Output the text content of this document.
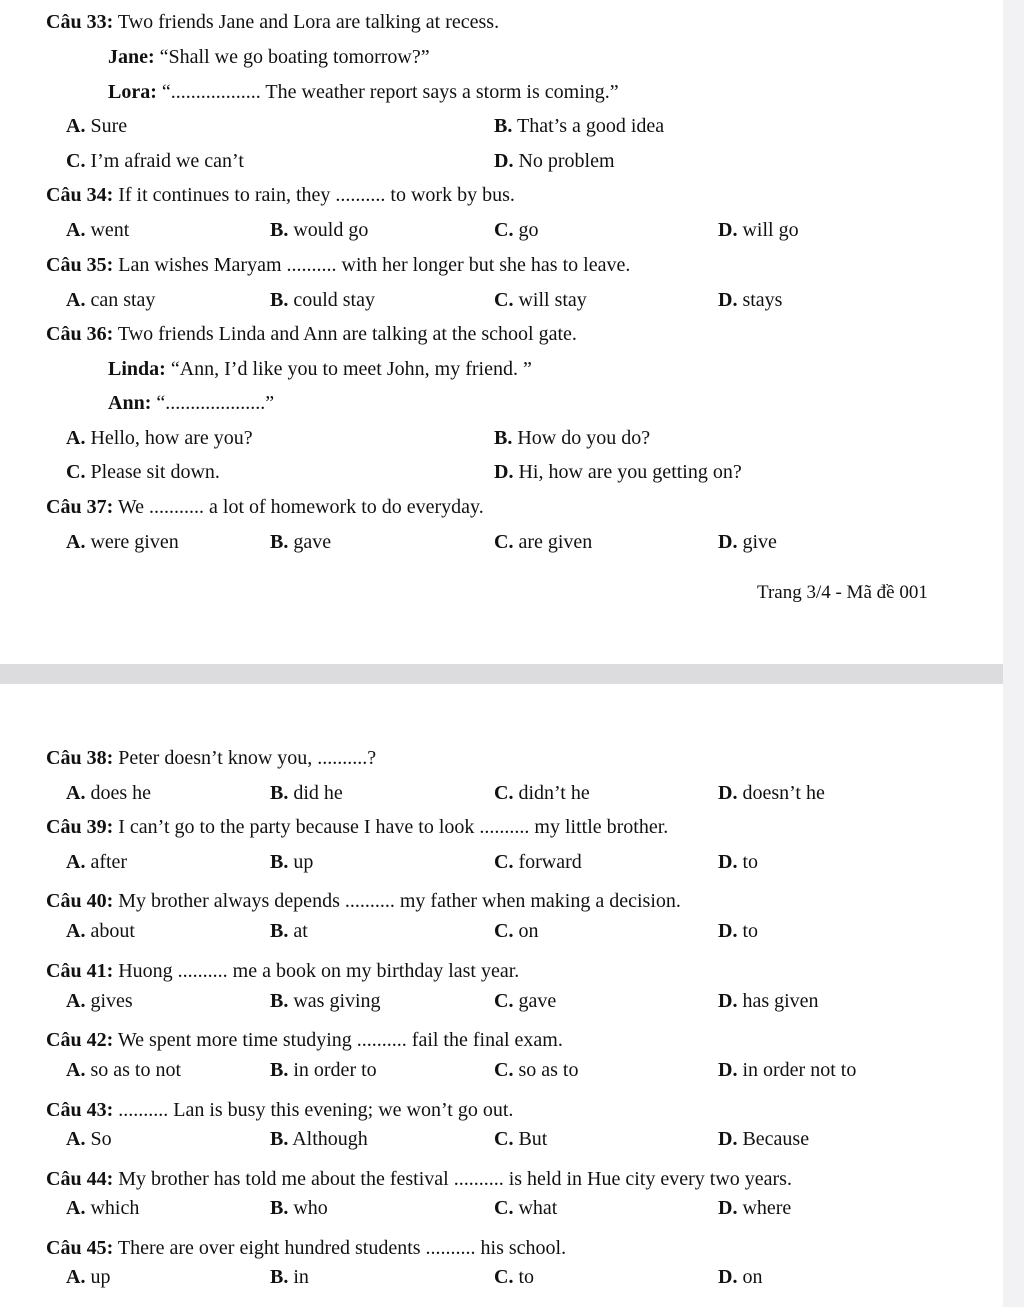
Câu 33: Two friends Jane and Lora are talking at recess.
Jane: “Shall we go boating tomorrow?”
Lora: “.................. The weather report says a storm is coming.”
A. Sure	B. That’s a good idea
C. I’m afraid we can’t	D. No problem
Câu 34: If it continues to rain, they .......... to work by bus.
A. went	B. would go	C. go	D. will go
Câu 35: Lan wishes Maryam .......... with her longer but she has to leave.
A. can stay	B. could stay	C. will stay	D. stays
Câu 36: Two friends Linda and Ann are talking at the school gate.
Linda: “Ann, I’d like you to meet John, my friend. ”
Ann: “....................”
A. Hello, how are you?	B. How do you do?
C. Please sit down.	D. Hi, how are you getting on?
Câu 37: We ........... a lot of homework to do everyday.
A. were given	B. gave	C. are given	D. give
Trang 3/4 - Mã đề 001
Câu 38: Peter doesn’t know you, ..........?
A. does he	B. did he	C. didn’t he	D. doesn’t he
Câu 39: I can’t go to the party because I have to look .......... my little brother.
A. after	B. up	C. forward	D. to
Câu 40: My brother always depends .......... my father when making a decision.
A. about	B. at	C. on	D. to
Câu 41: Huong .......... me a book on my birthday last year.
A. gives	B. was giving	C. gave	D. has given
Câu 42: We spent more time studying .......... fail the final exam.
A. so as to not	B. in order to	C. so as to	D. in order not to
Câu 43: .......... Lan is busy this evening; we won’t go out.
A. So	B. Although	C. But	D. Because
Câu 44: My brother has told me about the festival .......... is held in Hue city every two years.
A. which	B. who	C. what	D. where
Câu 45: There are over eight hundred students .......... his school.
A. up	B. in	C. to	D. on
